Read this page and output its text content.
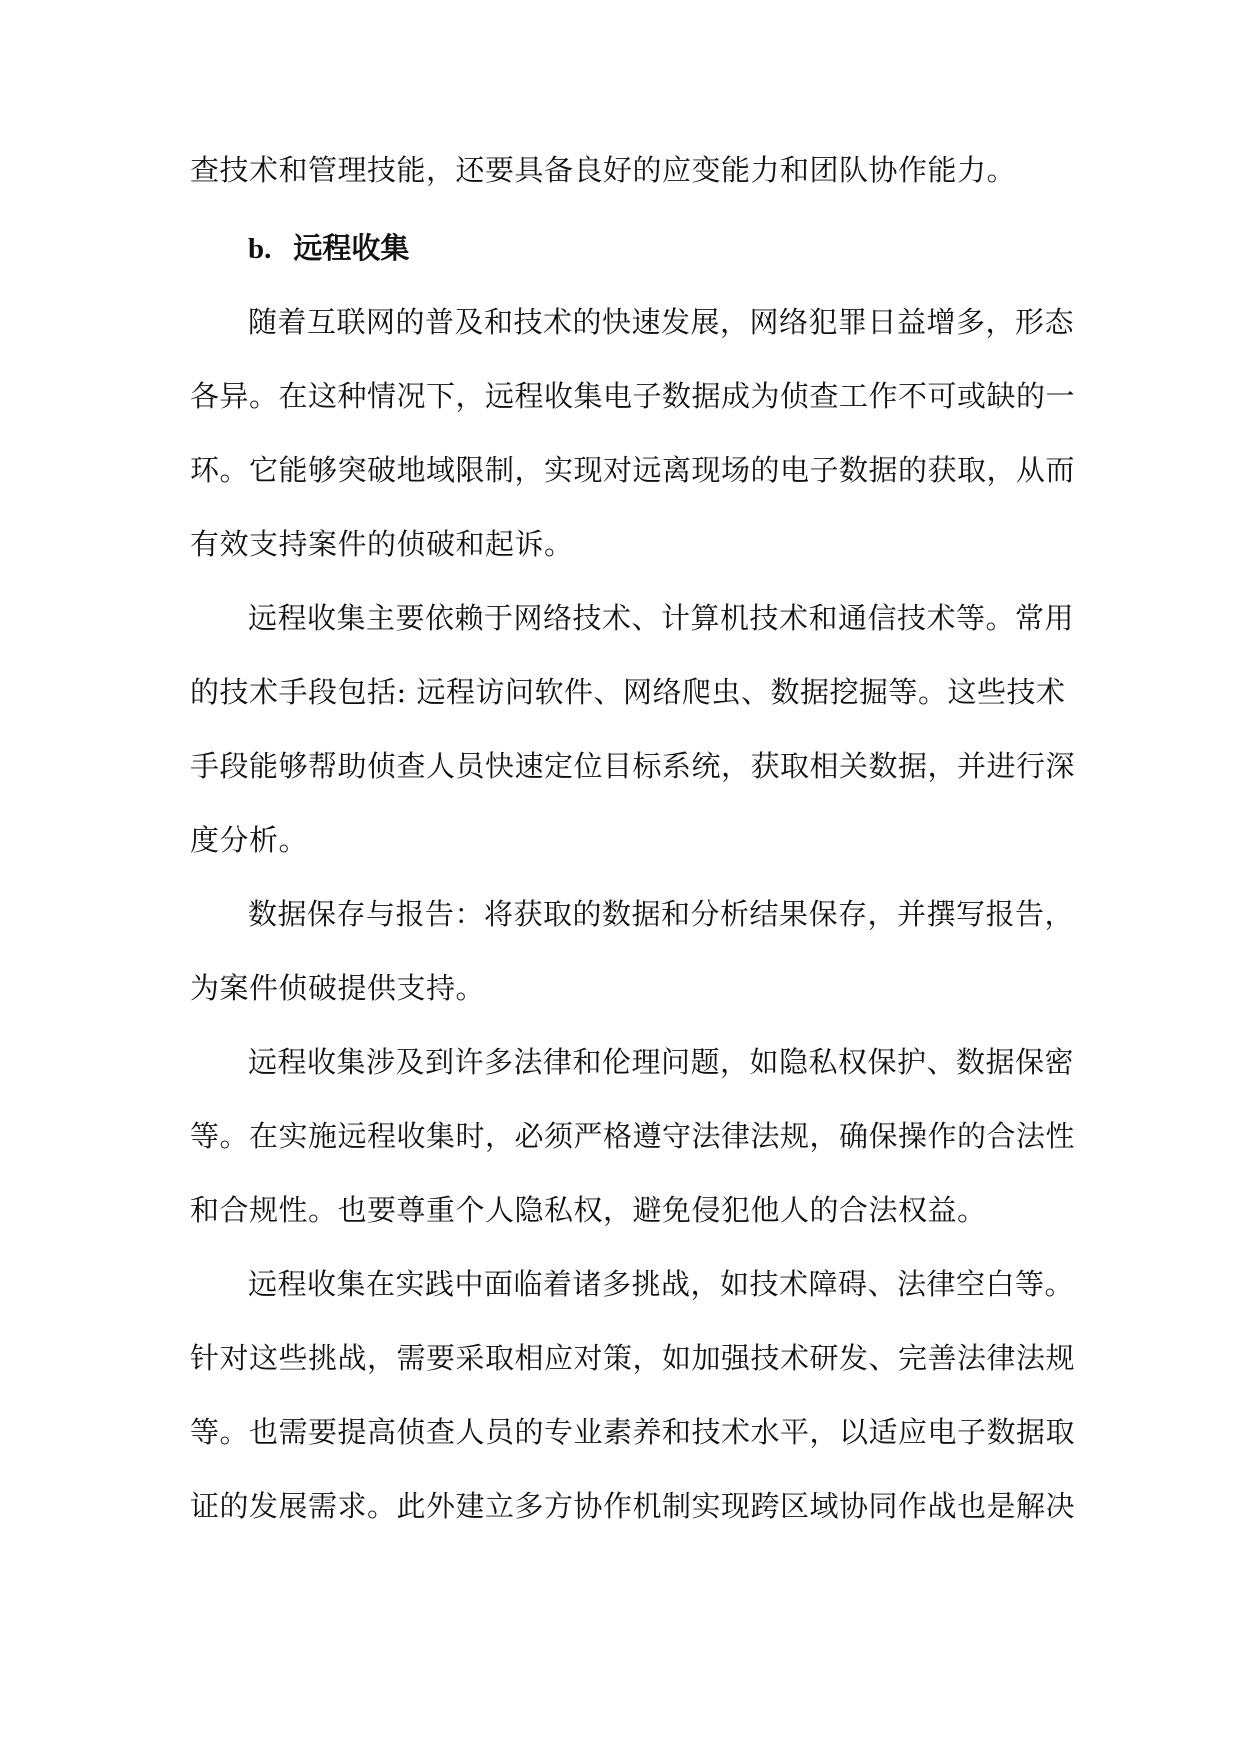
查技术和管理技能，还要具备良好的应变能力和团队协作能力。
b. 远程收集
随着互联网的普及和技术的快速发展，网络犯罪日益增多，形态
各异。在这种情况下，远程收集电子数据成为侦查工作不可或缺的一
环。它能够突破地域限制，实现对远离现场的电子数据的获取，从而
有效支持案件的侦破和起诉。
远程收集主要依赖于网络技术、计算机技术和通信技术等。常用
的技术手段包括: 远程访问软件、网络爬虫、数据挖掘等。这些技术
手段能够帮助侦查人员快速定位目标系统，获取相关数据，并进行深
度分析。
数据保存与报告：将获取的数据和分析结果保存，并撰写报告，
为案件侦破提供支持。
远程收集涉及到许多法律和伦理问题，如隐私权保护、数据保密
等。在实施远程收集时，必须严格遵守法律法规，确保操作的合法性
和合规性。也要尊重个人隐私权，避免侵犯他人的合法权益。
远程收集在实践中面临着诸多挑战，如技术障碍、法律空白等。
针对这些挑战，需要采取相应对策，如加强技术研发、完善法律法规
等。也需要提高侦查人员的专业素养和技术水平，以适应电子数据取
证的发展需求。此外建立多方协作机制实现跨区域协同作战也是解决
